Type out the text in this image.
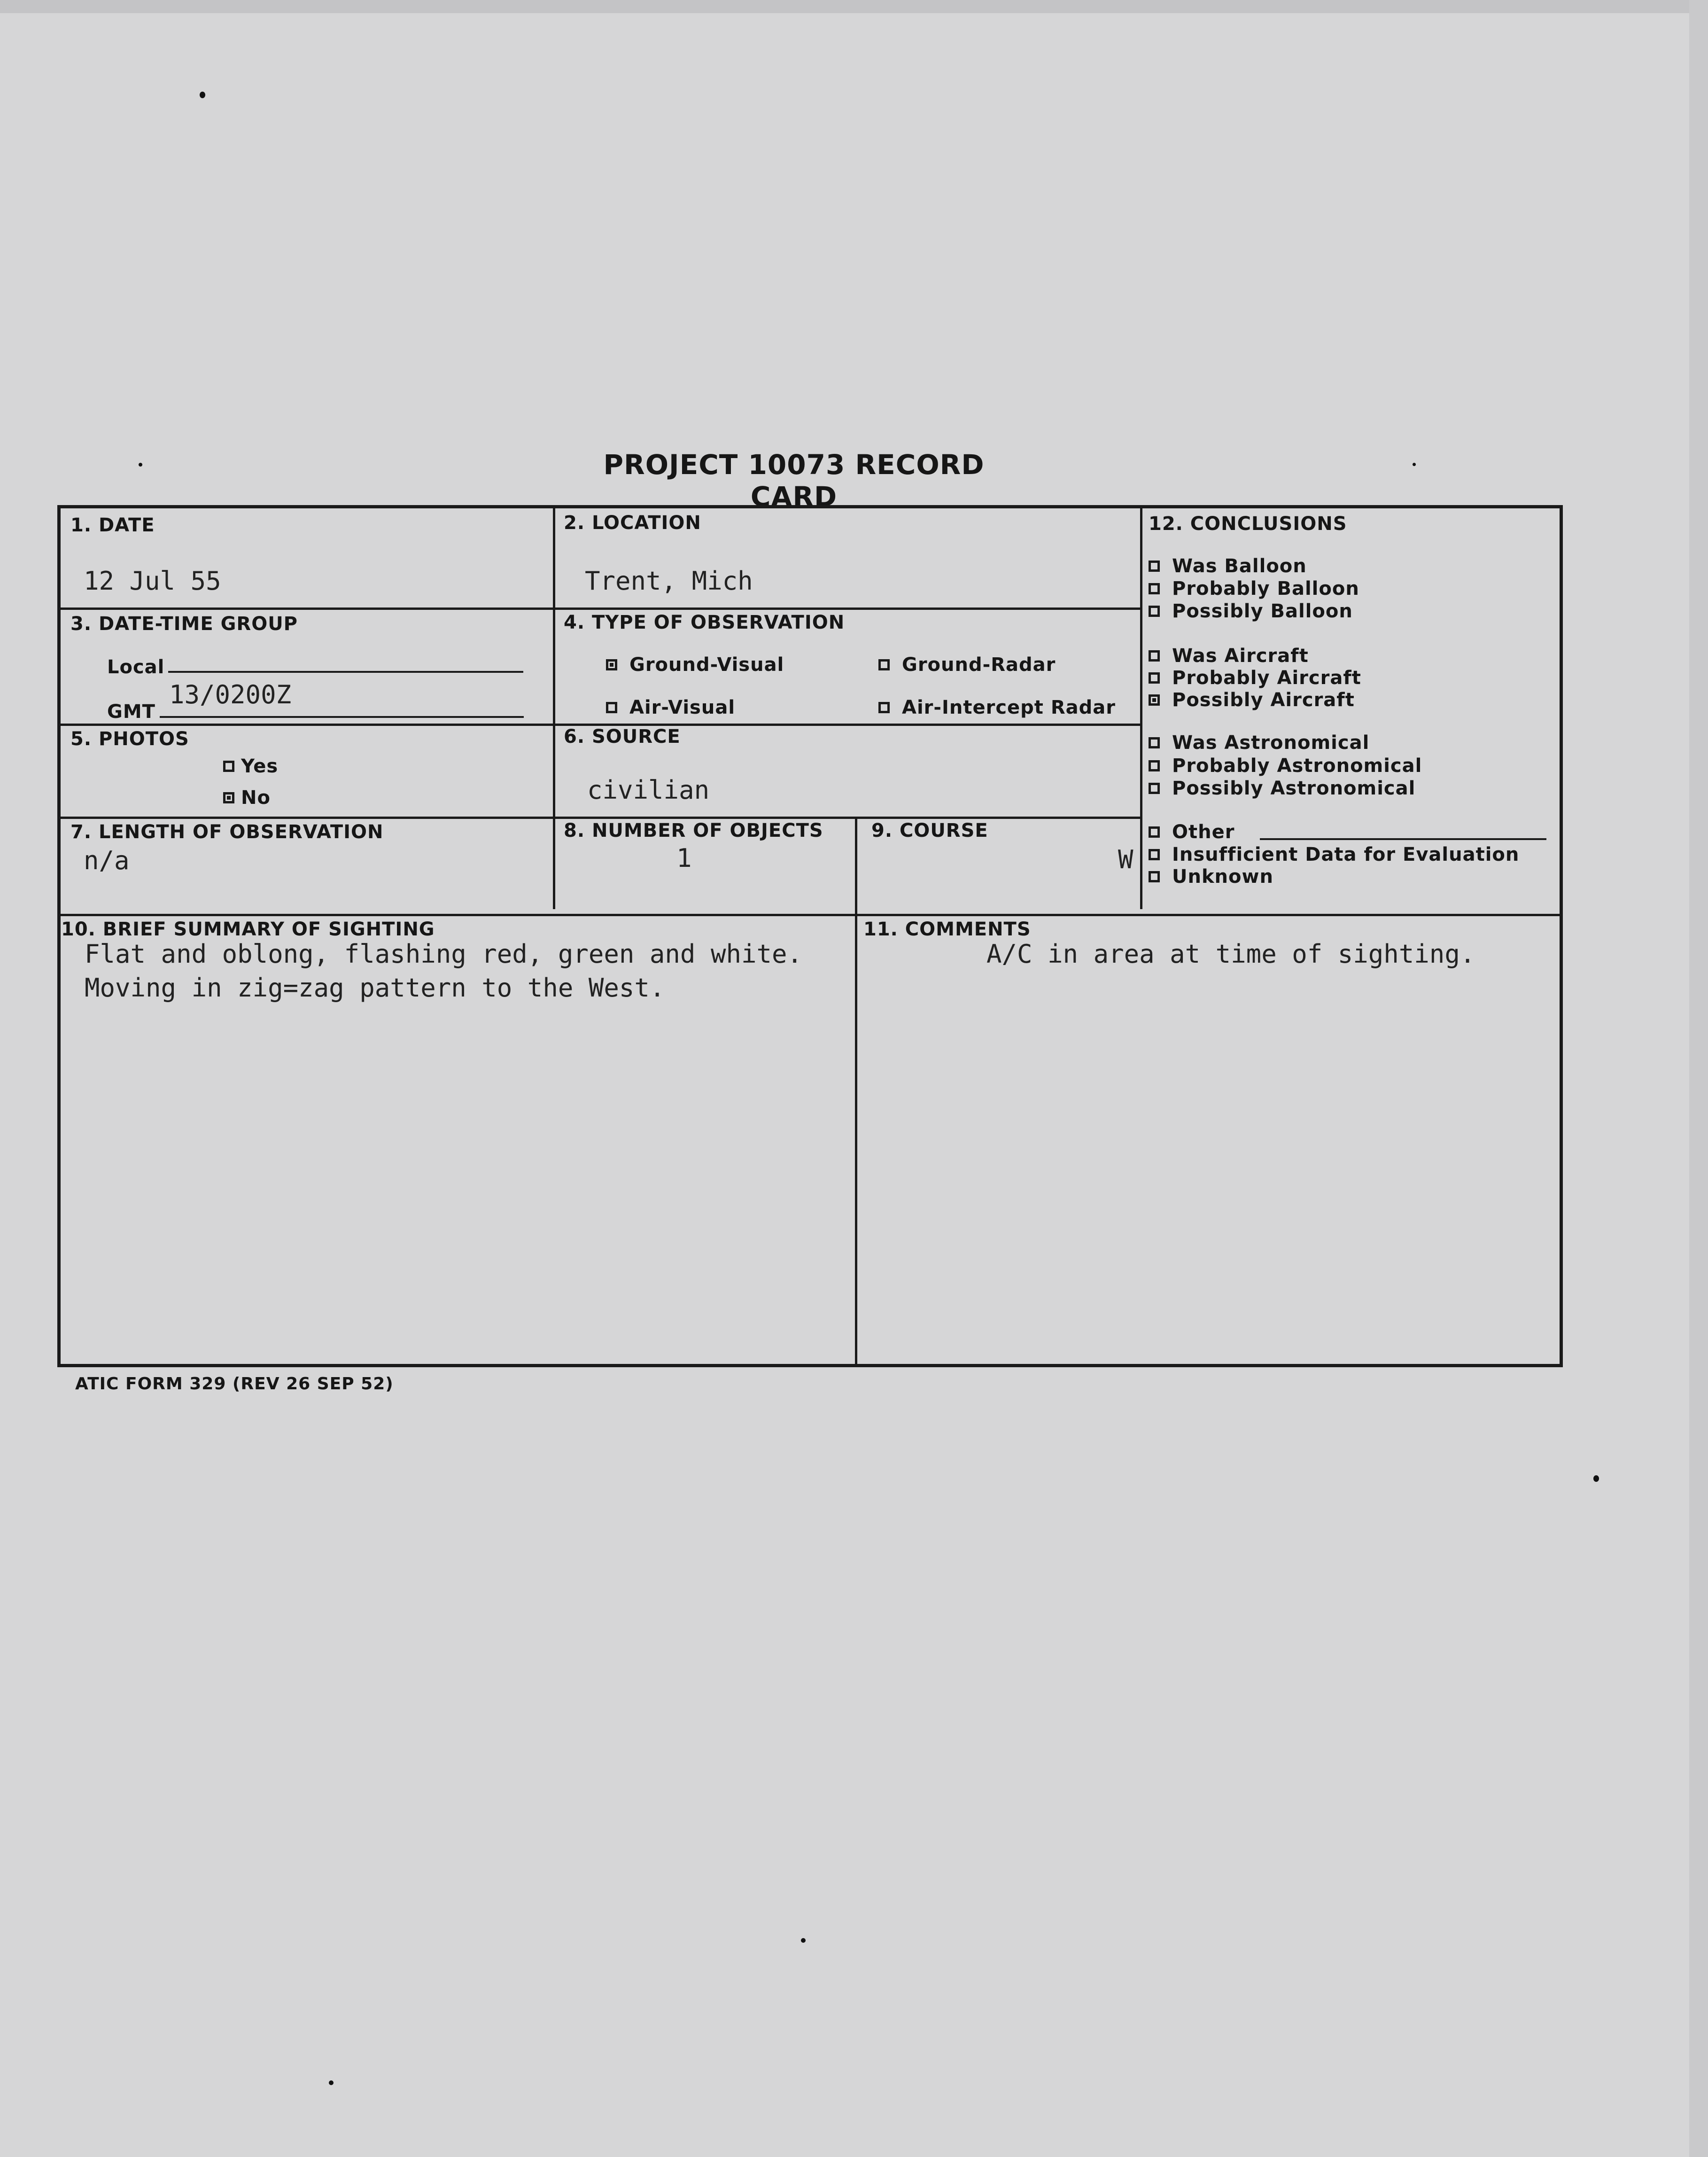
PROJECT 10073 RECORD CARD
1. DATE
12 Jul 55
2. LOCATION
Trent, Mich
3. DATE-TIME GROUP
Local
GMT
13/0200Z
4. TYPE OF OBSERVATION
Ground-Visual	Ground-Radar
Air-Visual	Air-Intercept Radar
5. PHOTOS
Yes
No
6. SOURCE
civilian
7. LENGTH OF OBSERVATION
n/a
8. NUMBER OF OBJECTS
1
9. COURSE
W
10. BRIEF SUMMARY OF SIGHTING
Flat and oblong, flashing red, green and white.
Moving in zig=zag pattern to the West.
11. COMMENTS
A/C in area at time of sighting.
12. CONCLUSIONS
Was Balloon
Probably Balloon
Possibly Balloon
Was Aircraft
Probably Aircraft
Possibly Aircraft
Was Astronomical
Probably Astronomical
Possibly Astronomical
Other
Insufficient Data for Evaluation
Unknown
ATIC FORM 329 (REV 26 SEP 52)
